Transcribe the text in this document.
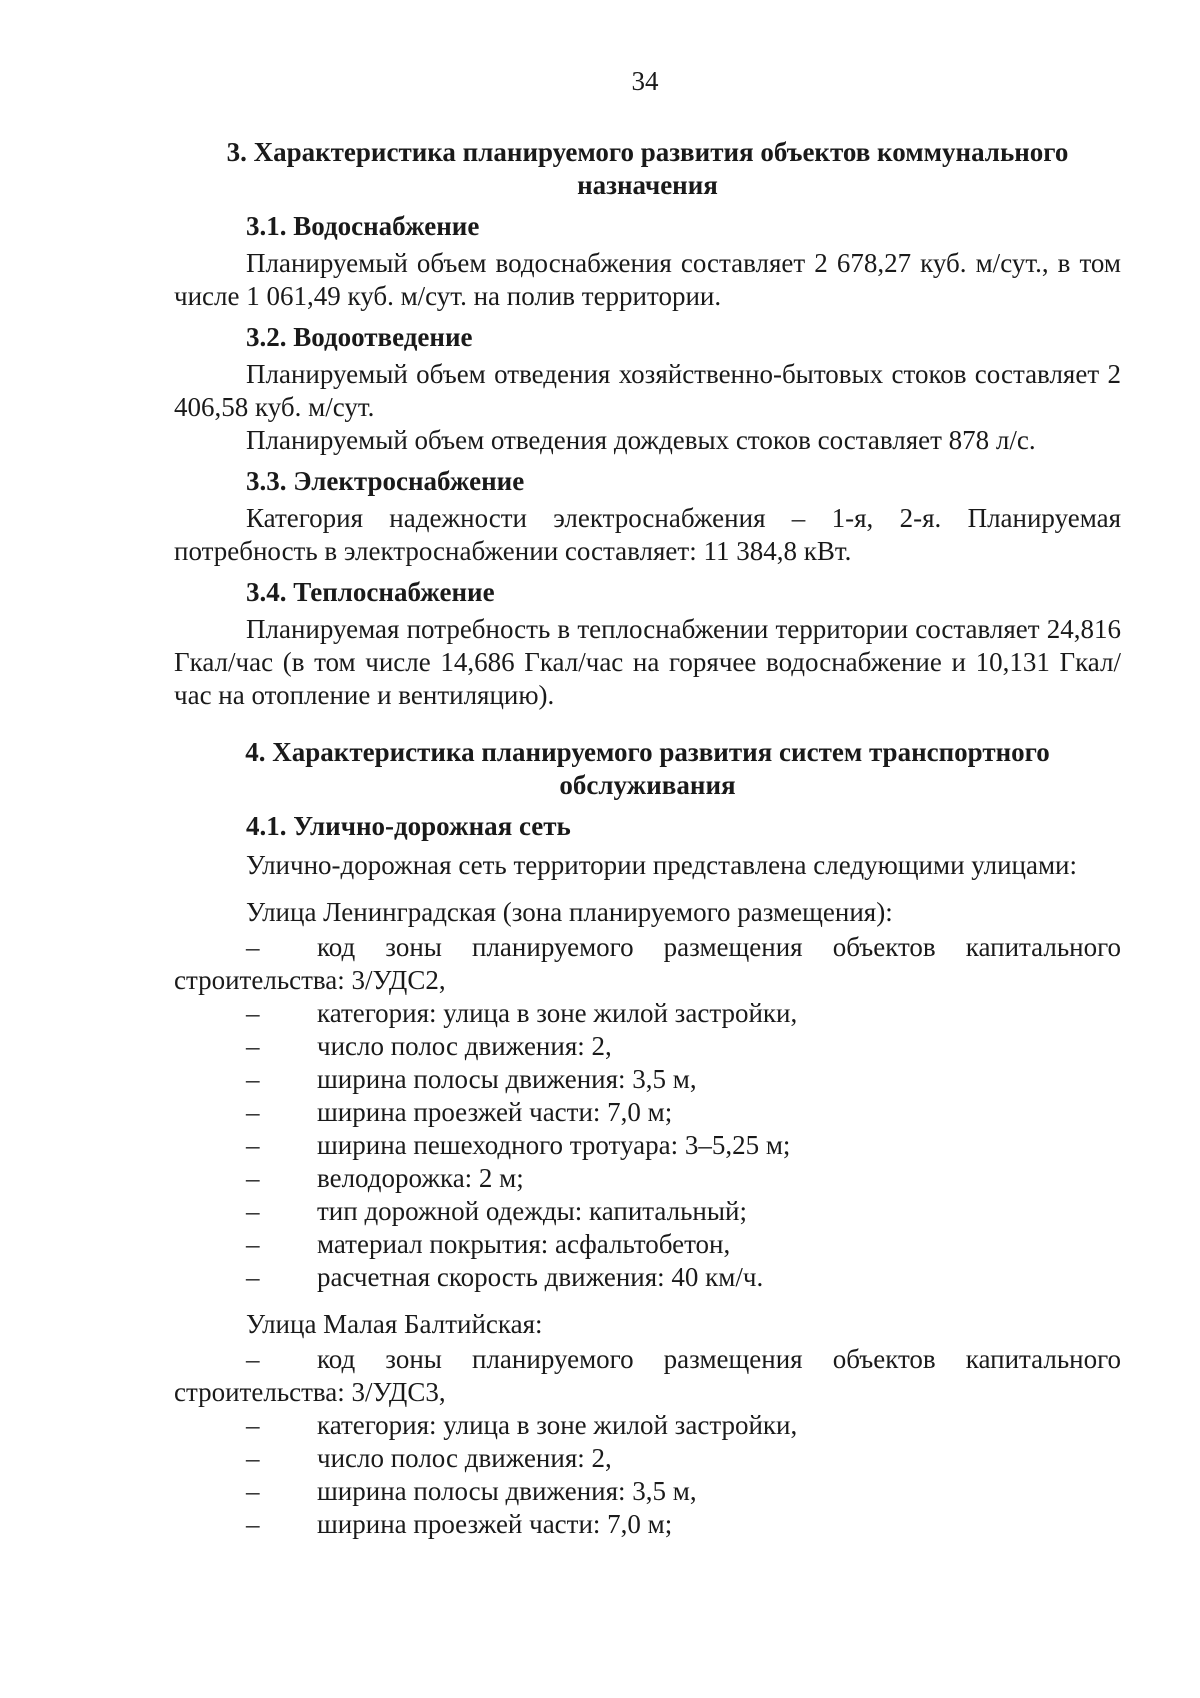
34
3. Характеристика планируемого развития объектов коммунального назначения
3.1. Водоснабжение

Планируемый объем водоснабжения составляет 2 678,27 куб. м/сут., в том числе 1 061,49 куб. м/сут. на полив территории.

3.2. Водоотведение

Планируемый объем отведения хозяйственно-бытовых стоков составляет 2 406,58 куб. м/сут.

Планируемый объем отведения дождевых стоков составляет 878 л/с.

3.3. Электроснабжение

Категория надежности электроснабжения – 1-я, 2-я. Планируемая потребность в электроснабжении составляет: 11 384,8 кВт.

3.4. Теплоснабжение

Планируемая потребность в теплоснабжении территории составляет 24,816 Гкал/час (в том числе 14,686 Гкал/час на горячее водоснабжение и 10,131 Гкал/час на отопление и вентиляцию).

4. Характеристика планируемого развития систем транспортного обслуживания
4.1. Улично-дорожная сеть

Улично-дорожная сеть территории представлена следующими улицами:

Улица Ленинградская (зона планируемого размещения):

– код зоны планируемого размещения объектов капитального строительства: 3/УДС2,
– категория: улица в зоне жилой застройки,
– число полос движения: 2,
– ширина полосы движения: 3,5 м,
– ширина проезжей части: 7,0 м;
– ширина пешеходного тротуара: 3–5,25 м;
– велодорожка: 2 м;
– тип дорожной одежды: капитальный;
– материал покрытия: асфальтобетон,
– расчетная скорость движения: 40 км/ч.

Улица Малая Балтийская:

– код зоны планируемого размещения объектов капитального строительства: 3/УДС3,
– категория: улица в зоне жилой застройки,
– число полос движения: 2,
– ширина полосы движения: 3,5 м,
– ширина проезжей части: 7,0 м;
